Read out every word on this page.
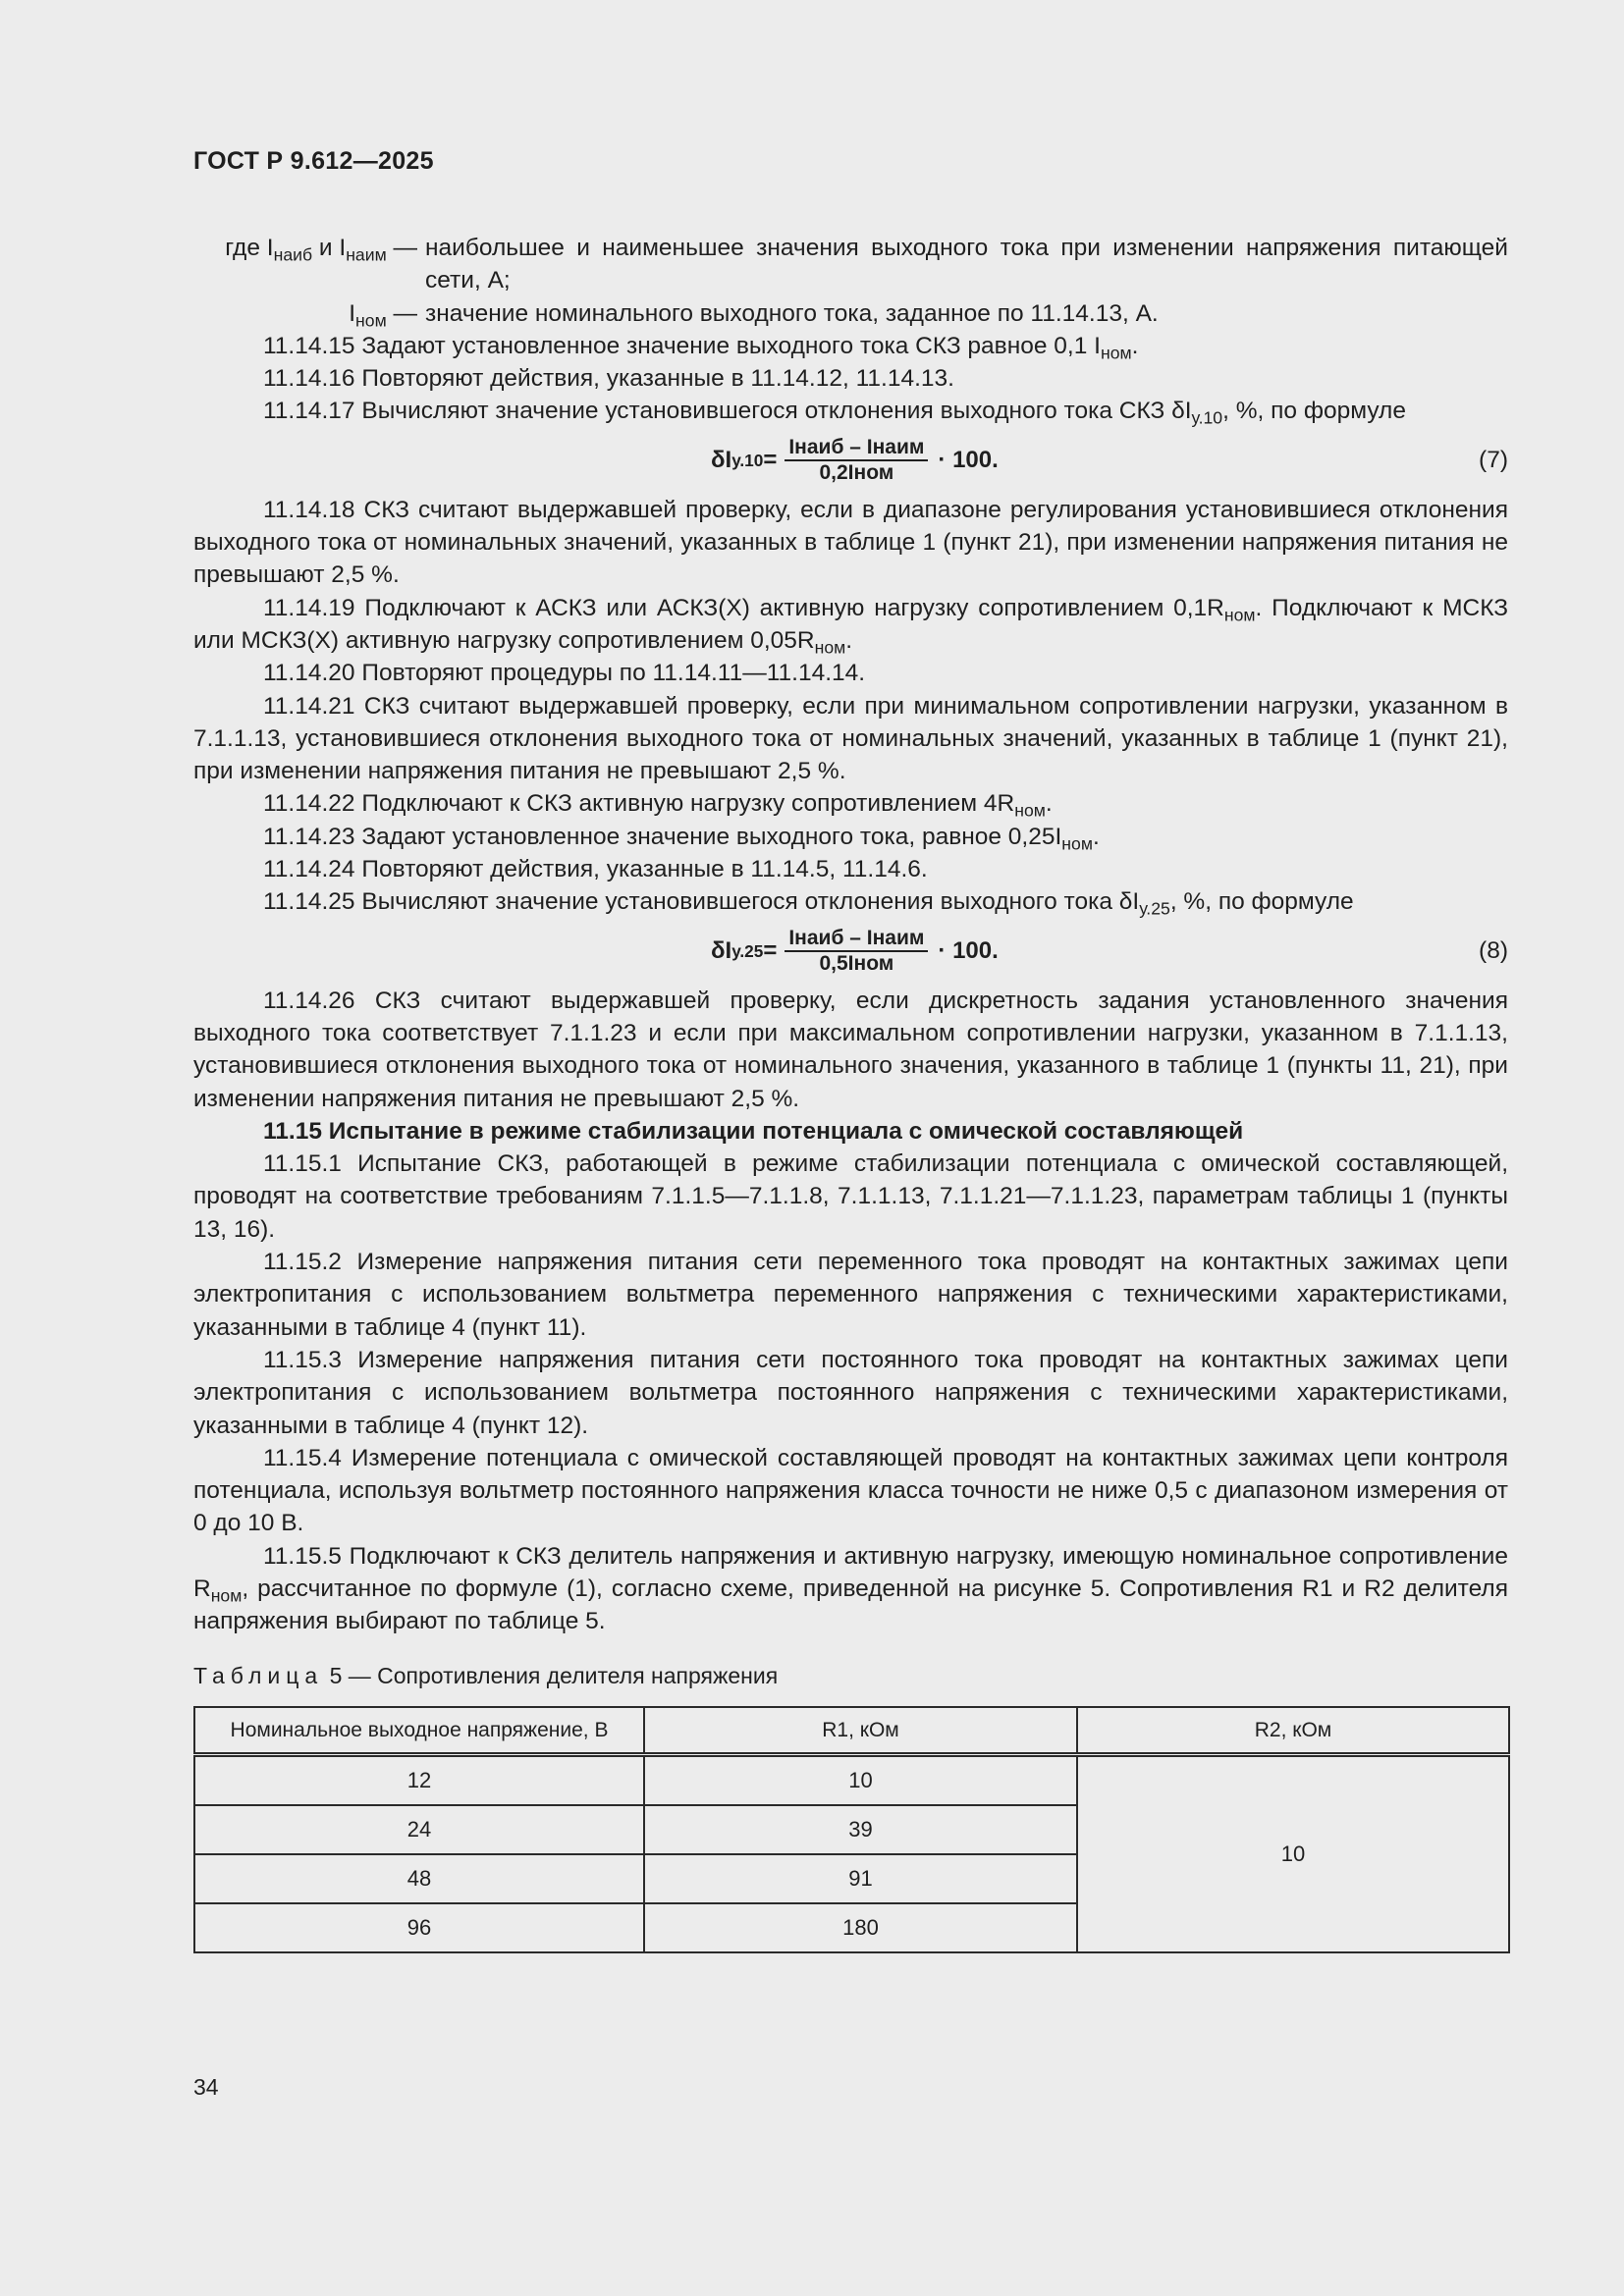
ГОСТ Р 9.612—2025
где $I_{наиб}$ и $I_{наим}$ — наибольшее и наименьшее значения выходного тока при изменении напряжения питающей сети, А;
$I_{ном}$ — значение номинального выходного тока, заданное по 11.14.13, А.

11.14.15 Задают установленное значение выходного тока СКЗ равное 0,1 $I_{ном}$.

11.14.16 Повторяют действия, указанные в 11.14.12, 11.14.13.

11.14.17 Вычисляют значение установившегося отклонения выходного тока СКЗ $\delta I_{у.10}$, %, по формуле

δI $у.10 = \frac{\text{Iнаиб – Iнаим}}{\text{0,2Iном}} \cdot 100$.	(7)

11.14.18 СКЗ считают выдержавшей проверку, если в диапазоне регулирования установившиеся отклонения выходного тока от номинальных значений, указанных в таблице 1 (пункт 21), при изменении напряжения питания не превышают 2,5 %.

11.14.19 Подключают к АСКЗ или АСКЗ(Х) активную нагрузку сопротивлением $0,1R_{ном}$. Подключают к МСКЗ или МСКЗ(Х) активную нагрузку сопротивлением $0,05R_{ном}$.

11.14.20 Повторяют процедуры по 11.14.11—11.14.14.

11.14.21 СКЗ считают выдержавшей проверку, если при минимальном сопротивлении нагрузки, указанном в 7.1.1.13, установившиеся отклонения выходного тока от номинальных значений, указанных в таблице 1 (пункт 21), при изменении напряжения питания не превышают 2,5 %.

11.14.22 Подключают к СКЗ активную нагрузку сопротивлением $4R_{ном}$.

11.14.23 Задают установленное значение выходного тока, равное $0,25I_{ном}$.

11.14.24 Повторяют действия, указанные в 11.14.5, 11.14.6.

11.14.25 Вычисляют значение установившегося отклонения выходного тока $\delta I_{у.25}$, %, по формуле

δI $у.25 = \frac{\text{Iнаиб – Iнаим}}{\text{0,5Iном}} \cdot 100$.	(8)

11.14.26 СКЗ считают выдержавшей проверку, если дискретность задания установленного значения выходного тока соответствует 7.1.1.23 и если при максимальном сопротивлении нагрузки, указанном в 7.1.1.13, установившиеся отклонения выходного тока от номинального значения, указанного в таблице 1 (пункты 11, 21), при изменении напряжения питания не превышают 2,5 %.

11.15 Испытание в режиме стабилизации потенциала с омической составляющей

11.15.1 Испытание СКЗ, работающей в режиме стабилизации потенциала с омической составляющей, проводят на соответствие требованиям 7.1.1.5—7.1.1.8, 7.1.1.13, 7.1.1.21—7.1.1.23, параметрам таблицы 1 (пункты 13, 16).

11.15.2 Измерение напряжения питания сети переменного тока проводят на контактных зажимах цепи электропитания с использованием вольтметра переменного напряжения с техническими характеристиками, указанными в таблице 4 (пункт 11).

11.15.3 Измерение напряжения питания сети постоянного тока проводят на контактных зажимах цепи электропитания с использованием вольтметра постоянного напряжения с техническими характеристиками, указанными в таблице 4 (пункт 12).

11.15.4 Измерение потенциала с омической составляющей проводят на контактных зажимах цепи контроля потенциала, используя вольтметр постоянного напряжения класса точности не ниже 0,5 с диапазоном измерения от 0 до 10 В.

11.15.5 Подключают к СКЗ делитель напряжения и активную нагрузку, имеющую номинальное сопротивление $R_{ном}$, рассчитанное по формуле (1), согласно схеме, приведенной на рисунке 5. Сопротивления R1 и R2 делителя напряжения выбирают по таблице 5.

Таблица 5 — Сопротивления делителя напряжения
Номинальное выходное напряжение, В	R1, кОм	R2, кОм
12	10	10
24	39	
48	91	
96	180	
34
